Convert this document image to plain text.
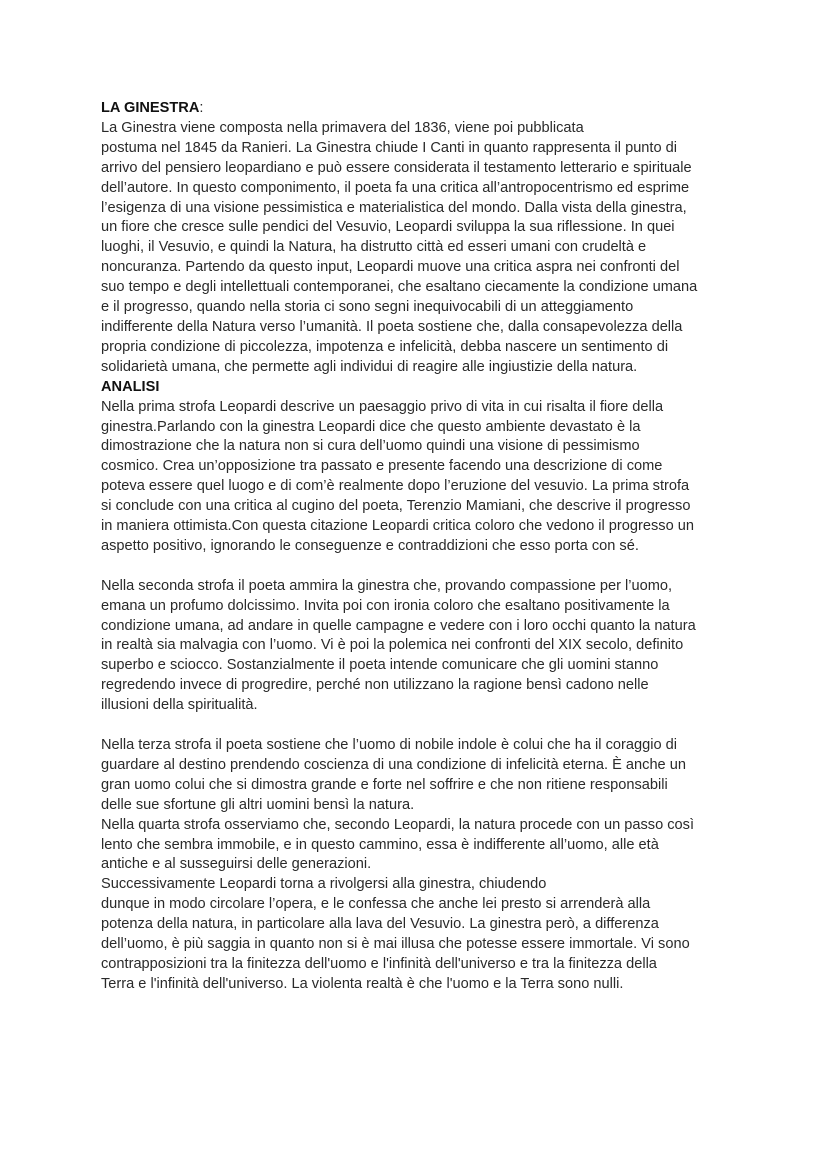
LA GINESTRA:

La Ginestra viene composta nella primavera del 1836, viene poi pubblicata
postuma nel 1845 da Ranieri. La Ginestra chiude I Canti in quanto rappresenta il punto di
arrivo del pensiero leopardiano e può essere considerata il testamento letterario e spirituale
dell’autore. In questo componimento, il poeta fa una critica all’antropocentrismo ed esprime
l’esigenza di una visione pessimistica e materialistica del mondo. Dalla vista della ginestra,
un fiore che cresce sulle pendici del Vesuvio, Leopardi sviluppa la sua riflessione. In quei
luoghi, il Vesuvio, e quindi la Natura, ha distrutto città ed esseri umani con crudeltà e
noncuranza. Partendo da questo input, Leopardi muove una critica aspra nei confronti del
suo tempo e degli intellettuali contemporanei, che esaltano ciecamente la condizione umana
e il progresso, quando nella storia ci sono segni inequivocabili di un atteggiamento
indifferente della Natura verso l’umanità. Il poeta sostiene che, dalla consapevolezza della
propria condizione di piccolezza, impotenza e infelicità, debba nascere un sentimento di
solidarietà umana, che permette agli individui di reagire alle ingiustizie della natura.

ANALISI

Nella prima strofa Leopardi descrive un paesaggio privo di vita in cui risalta il fiore della
ginestra.Parlando con la ginestra Leopardi dice che questo ambiente devastato è la
dimostrazione che la natura non si cura dell’uomo quindi una visione di pessimismo
cosmico. Crea un’opposizione tra passato e presente facendo una descrizione di come
poteva essere quel luogo e di com’è realmente dopo l’eruzione del vesuvio. La prima strofa
si conclude con una critica al cugino del poeta, Terenzio Mamiani, che descrive il progresso
in maniera ottimista.Con questa citazione Leopardi critica coloro che vedono il progresso un
aspetto positivo, ignorando le conseguenze e contraddizioni che esso porta con sé.

Nella seconda strofa il poeta ammira la ginestra che, provando compassione per l’uomo,
emana un profumo dolcissimo. Invita poi con ironia coloro che esaltano positivamente la
condizione umana, ad andare in quelle campagne e vedere con i loro occhi quanto la natura
in realtà sia malvagia con l’uomo. Vi è poi la polemica nei confronti del XIX secolo, definito
superbo e sciocco. Sostanzialmente il poeta intende comunicare che gli uomini stanno
regredendo invece di progredire, perché non utilizzano la ragione bensì cadono nelle
illusioni della spiritualità.

Nella terza strofa il poeta sostiene che l’uomo di nobile indole è colui che ha il coraggio di
guardare al destino prendendo coscienza di una condizione di infelicità eterna. È anche un
gran uomo colui che si dimostra grande e forte nel soffrire e che non ritiene responsabili
delle sue sfortune gli altri uomini bensì la natura.

Nella quarta strofa osserviamo che, secondo Leopardi, la natura procede con un passo così
lento che sembra immobile, e in questo cammino, essa è indifferente all’uomo, alle età
antiche e al susseguirsi delle generazioni.

Successivamente Leopardi torna a rivolgersi alla ginestra, chiudendo
dunque in modo circolare l’opera, e le confessa che anche lei presto si arrenderà alla
potenza della natura, in particolare alla lava del Vesuvio. La ginestra però, a differenza
dell’uomo, è più saggia in quanto non si è mai illusa che potesse essere immortale. Vi sono
contrapposizioni tra la finitezza dell'uomo e l'infinità dell'universo e tra la finitezza della
Terra e l'infinità dell'universo. La violenta realtà è che l'uomo e la Terra sono nulli.
